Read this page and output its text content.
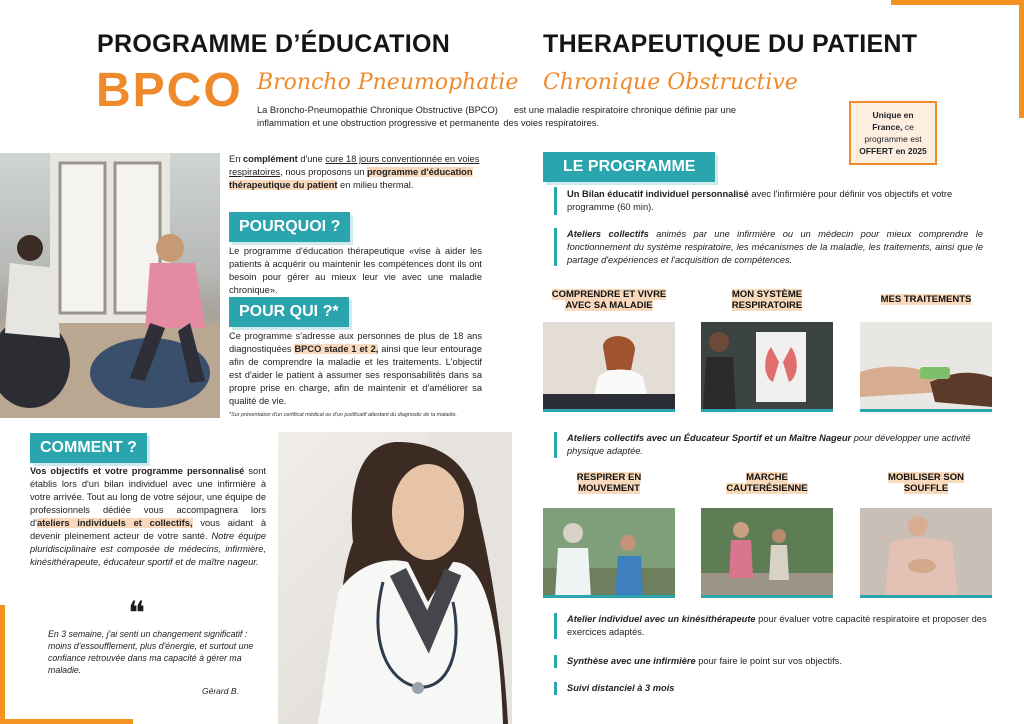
PROGRAMME D’ÉDUCATION	THERAPEUTIQUE DU PATIENT
BPCO Broncho Pneumophatie Chronique Obstructive
La Broncho-Pneumopathie Chronique Obstructive (BPCO) est une maladie respiratoire chronique définie par une
inflammation et une obstruction progressive et permanente des voies respiratoires.
Unique en
France, ce
programme est
OFFERT en 2025
En complément d'une cure 18 jours conventionnée en voies respiratoires, nous proposons un programme d'éducation thérapeutique du patient en milieu thermal.
POURQUOI ?
Le programme d'éducation thérapeutique «vise à aider les patients à acquérir ou maintenir les compétences dont ils ont besoin pour gérer au mieux leur vie avec une maladie chronique».
POUR QUI ?*
Ce programme s'adresse aux personnes de plus de 18 ans diagnostiquées BPCO stade 1 et 2, ainsi que leur entourage afin de comprendre la maladie et les traitements. L'objectif est d'aider le patient à assumer ses responsabilités dans sa propre prise en charge, afin de maintenir et d'améliorer sa qualité de vie.
*Sur présentation d'un certificat médical ou d'un justificatif attestant du diagnostic de la maladie.
COMMENT ?
Vos objectifs et votre programme personnalisé sont établis lors d'un bilan individuel avec une infirmière à votre arrivée. Tout au long de votre séjour, une équipe de professionnels dédiée vous accompagnera lors d'ateliers individuels et collectifs, vous aidant à devenir pleinement acteur de votre santé. Notre équipe pluridisciplinaire est composée de médecins, infirmière, kinésithérapeute, éducateur sportif et de maître nageur.
❝
En 3 semaine, j'ai senti un changement significatif : moins d'essoufflement, plus d'énergie, et surtout une confiance retrouvée dans ma capacité à gérer ma maladie.
Gérard B.
LE PROGRAMME
Un Bilan éducatif individuel personnalisé avec l'infirmière pour définir vos objectifs et votre programme (60 min).
Ateliers collectifs animés par une infirmière ou un médecin pour mieux comprendre le fonctionnement du système respiratoire, les mécanismes de la maladie, les traitements, ainsi que le partage d'expériences et l'acquisition de compétences.
COMPRENDRE ET VIVRE
AVEC SA MALADIE
MON SYSTÈME
RESPIRATOIRE
MES TRAITEMENTS
Ateliers collectifs avec un Éducateur Sportif et un Maître Nageur pour développer une activité physique adaptée.
RESPIRER EN
MOUVEMENT
MARCHE
CAUTERÉSIENNE
MOBILISER SON
SOUFFLE
Atelier individuel avec un kinésithérapeute pour évaluer votre capacité respiratoire et proposer des exercices adaptés.
Synthèse avec une infirmière pour faire le point sur vos objectifs.
Suivi distanciel à 3 mois
